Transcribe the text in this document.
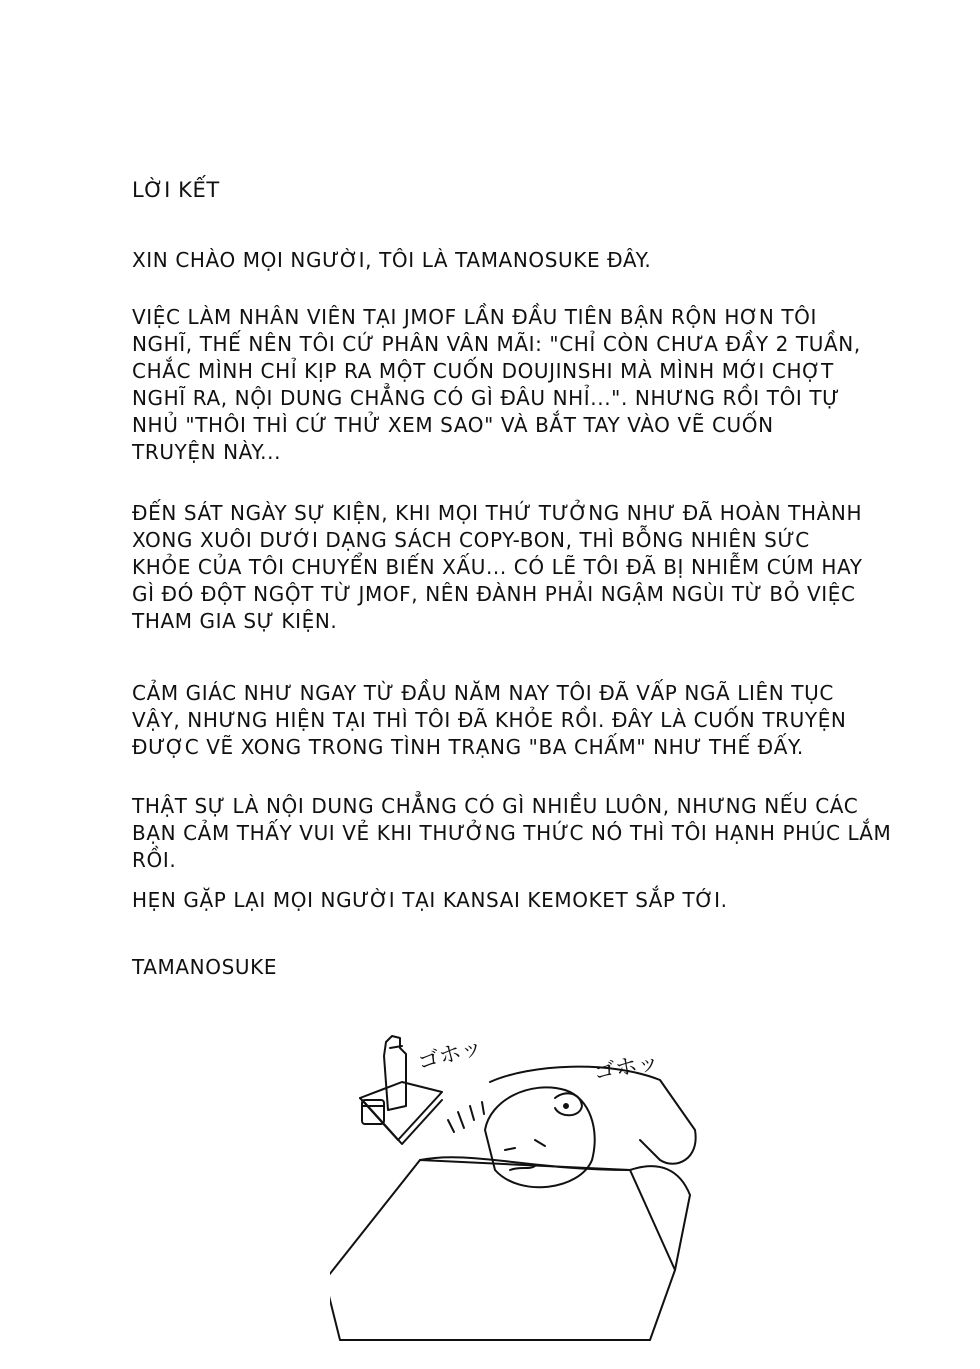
LỜI KẾT

XIN CHÀO MỌI NGƯỜI, TÔI LÀ TAMANOSUKE ĐÂY.

VIỆC LÀM NHÂN VIÊN TẠI JMOF LẦN ĐẦU TIÊN BẬN RỘN HƠN TÔI
NGHĨ, THẾ NÊN TÔI CỨ PHÂN VÂN MÃI: "CHỈ CÒN CHƯA ĐẦY 2 TUẦN,
CHẮC MÌNH CHỈ KỊP RA MỘT CUỐN DOUJINSHI MÀ MÌNH MỚI CHỢT
NGHĨ RA, NỘI DUNG CHẲNG CÓ GÌ ĐÂU NHỈ...". NHƯNG RỒI TÔI TỰ
NHỦ "THÔI THÌ CỨ THỬ XEM SAO" VÀ BẮT TAY VÀO VẼ CUỐN
TRUYỆN NÀY...

ĐẾN SÁT NGÀY SỰ KIỆN, KHI MỌI THỨ TƯỞNG NHƯ ĐÃ HOÀN THÀNH
XONG XUÔI DƯỚI DẠNG SÁCH COPY-BON, THÌ BỖNG NHIÊN SỨC
KHỎE CỦA TÔI CHUYỂN BIẾN XẤU... CÓ LẼ TÔI ĐÃ BỊ NHIỄM CÚM HAY
GÌ ĐÓ ĐỘT NGỘT TỪ JMOF, NÊN ĐÀNH PHẢI NGẬM NGÙI TỪ BỎ VIỆC
THAM GIA SỰ KIỆN.

CẢM GIÁC NHƯ NGAY TỪ ĐẦU NĂM NAY TÔI ĐÃ VẤP NGÃ LIÊN TỤC
VẬY, NHƯNG HIỆN TẠI THÌ TÔI ĐÃ KHỎE RỒI. ĐÂY LÀ CUỐN TRUYỆN
ĐƯỢC VẼ XONG TRONG TÌNH TRẠNG "BA CHẤM" NHƯ THẾ ĐẤY.

THẬT SỰ LÀ NỘI DUNG CHẲNG CÓ GÌ NHIỀU LUÔN, NHƯNG NẾU CÁC
BẠN CẢM THẤY VUI VẺ KHI THƯỞNG THỨC NÓ THÌ TÔI HẠNH PHÚC LẮM
RỒI.

HẸN GẶP LẠI MỌI NGƯỜI TẠI KANSAI KEMOKET SẮP TỚI.

TAMANOSUKE

ゴホッ	ゴホッ
